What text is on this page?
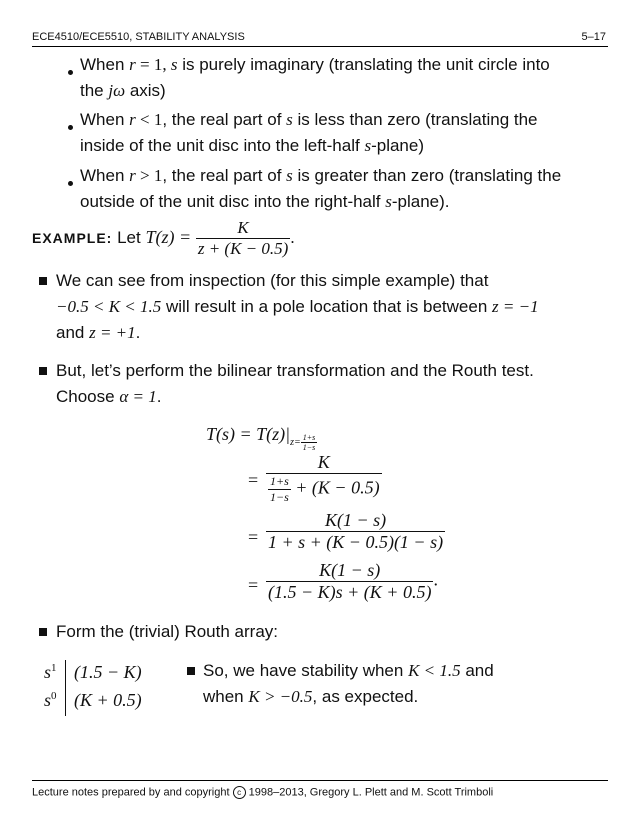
ECE4510/ECE5510, STABILITY ANALYSIS	5–17
When r = 1, s is purely imaginary (translating the unit circle into
the jω axis)
When r < 1, the real part of s is less than zero (translating the
inside of the unit disc into the left-half s-plane)
When r > 1, the real part of s is greater than zero (translating the
outside of the unit disc into the right-half s-plane).
EXAMPLE: Let $T(z) = \frac{K}{z + (K - 0.5)}$ .
We can see from inspection (for this simple example) that
−0.5 < K < 1.5 will result in a pole location that is between z = −1
and z = +1.
But, let’s perform the bilinear transformation and the Routh test.
Choose α = 1.
$T(s) = T(z)|_{z= \frac{1+s}{1-s}}$
= $\frac{K}{\frac{1+s}{1-s} + (K - 0.5)}$
= $\frac{K(1 - s)}{1 + s + (K - 0.5)(1 - s)}$
= $\frac{K(1 - s)}{(1.5 - K)s + (K + 0.5)}$ .
Form the (trivial) Routh array:
$s^1$ (1.5 − K)
$s^0$ (K + 0.5)
So, we have stability when K < 1.5 and
when K > −0.5, as expected.
Lecture notes prepared by and copyright c 1998–2013, Gregory L. Plett and M. Scott Trimboli
